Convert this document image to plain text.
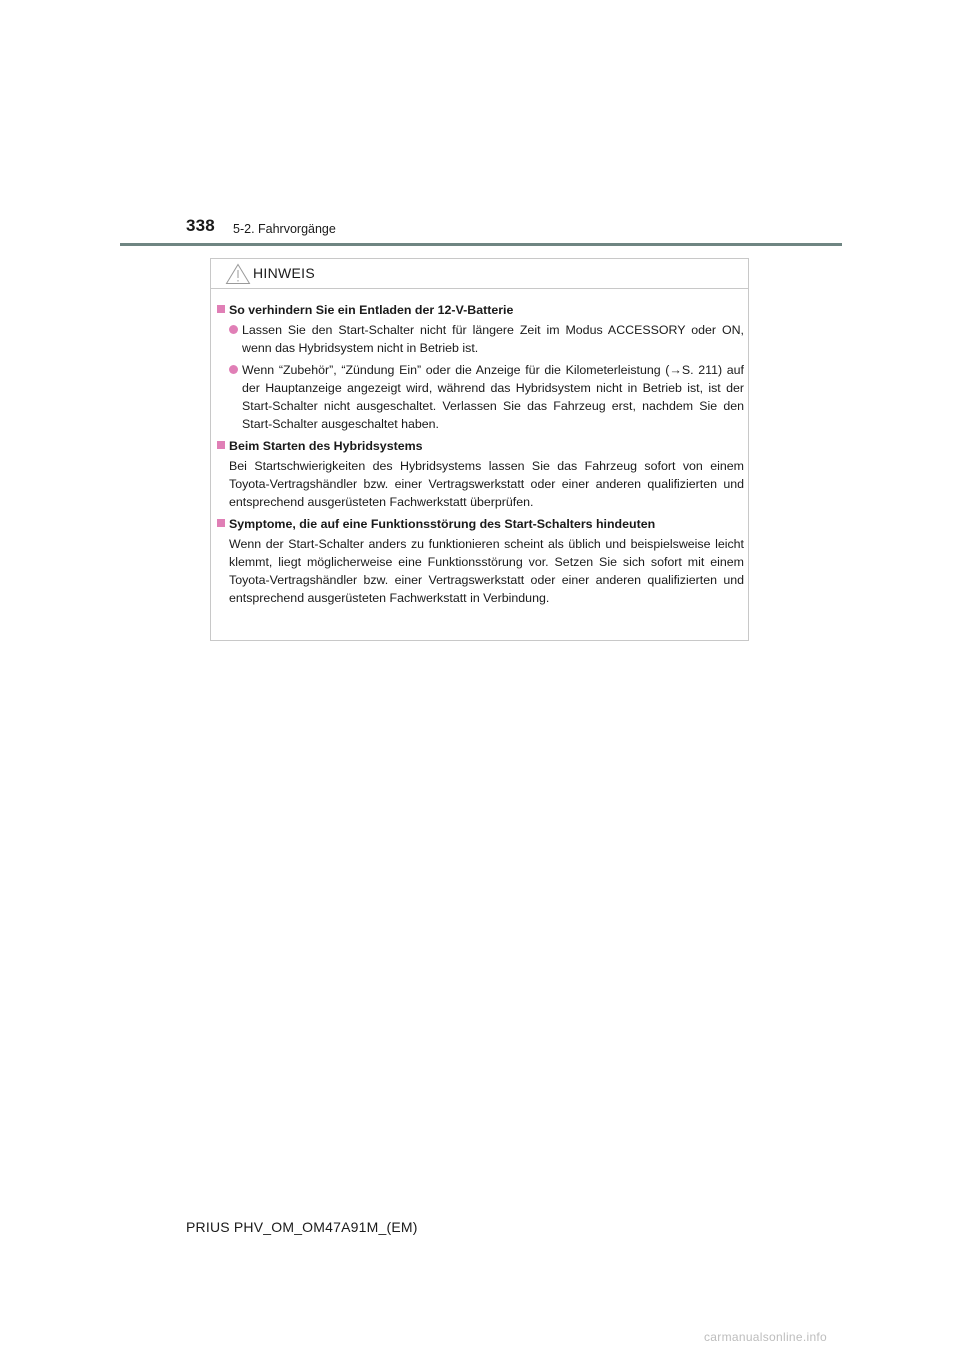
338 5-2. Fahrvorgänge
HINWEIS
So verhindern Sie ein Entladen der 12-V-Batterie
Lassen Sie den Start-Schalter nicht für längere Zeit im Modus ACCESSORY oder ON, wenn das Hybridsystem nicht in Betrieb ist.
Wenn “Zubehör”, “Zündung Ein” oder die Anzeige für die Kilometerleistung (→S. 211) auf der Hauptanzeige angezeigt wird, während das Hybridsystem nicht in Betrieb ist, ist der Start-Schalter nicht ausgeschaltet. Verlassen Sie das Fahrzeug erst, nachdem Sie den Start-Schalter ausgeschaltet haben.
Beim Starten des Hybridsystems
Bei Startschwierigkeiten des Hybridsystems lassen Sie das Fahrzeug sofort von einem Toyota-Vertragshändler bzw. einer Vertragswerkstatt oder einer anderen qualifizierten und entsprechend ausgerüsteten Fachwerkstatt überprüfen.
Symptome, die auf eine Funktionsstörung des Start-Schalters hindeuten
Wenn der Start-Schalter anders zu funktionieren scheint als üblich und beispielsweise leicht klemmt, liegt möglicherweise eine Funktionsstörung vor. Setzen Sie sich sofort mit einem Toyota-Vertragshändler bzw. einer Vertragswerkstatt oder einer anderen qualifizierten und entsprechend ausgerüsteten Fachwerkstatt in Verbindung.
PRIUS PHV_OM_OM47A91M_(EM)
carmanualsonline.info
